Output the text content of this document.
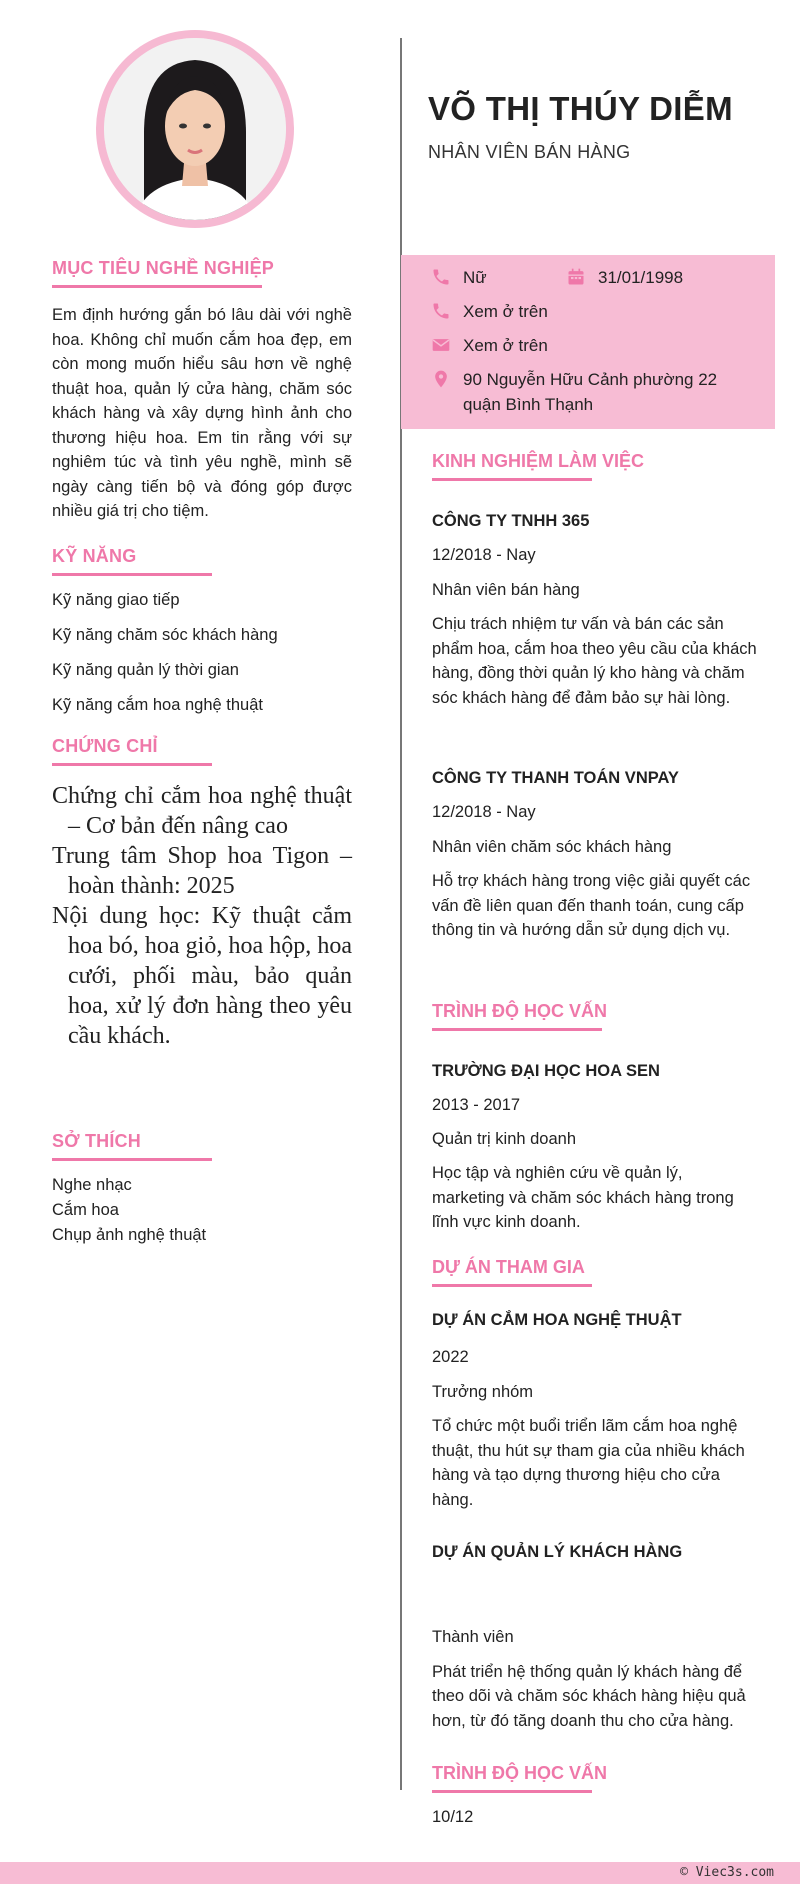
MỤC TIÊU NGHỀ NGHIỆP
Em định hướng gắn bó lâu dài với nghề hoa. Không chỉ muốn cắm hoa đẹp, em còn mong muốn hiểu sâu hơn về nghệ thuật hoa, quản lý cửa hàng, chăm sóc khách hàng và xây dựng hình ảnh cho thương hiệu hoa. Em tin rằng với sự nghiêm túc và tình yêu nghề, mình sẽ ngày càng tiến bộ và đóng góp được nhiều giá trị cho tiệm.
KỸ NĂNG
Kỹ năng giao tiếp
Kỹ năng chăm sóc khách hàng
Kỹ năng quản lý thời gian
Kỹ năng cắm hoa nghệ thuật
CHỨNG CHỈ
Chứng chỉ cắm hoa nghệ thuật – Cơ bản đến nâng cao
Trung tâm Shop hoa Tigon – hoàn thành: 2025
Nội dung học: Kỹ thuật cắm hoa bó, hoa giỏ, hoa hộp, hoa cưới, phối màu, bảo quản hoa, xử lý đơn hàng theo yêu cầu khách.
SỞ THÍCH
Nghe nhạc
Cắm hoa
Chụp ảnh nghệ thuật
VÕ THỊ THÚY DIỄM
NHÂN VIÊN BÁN HÀNG
Nữ	31/01/1998
Xem ở trên
Xem ở trên
90 Nguyễn Hữu Cảnh phường 22 quận Bình Thạnh
KINH NGHIỆM LÀM VIỆC
CÔNG TY TNHH 365
12/2018 - Nay
Nhân viên bán hàng
Chịu trách nhiệm tư vấn và bán các sản phẩm hoa, cắm hoa theo yêu cầu của khách hàng, đồng thời quản lý kho hàng và chăm sóc khách hàng để đảm bảo sự hài lòng.
CÔNG TY THANH TOÁN VNPAY
12/2018 - Nay
Nhân viên chăm sóc khách hàng
Hỗ trợ khách hàng trong việc giải quyết các vấn đề liên quan đến thanh toán, cung cấp thông tin và hướng dẫn sử dụng dịch vụ.
TRÌNH ĐỘ HỌC VẤN
TRƯỜNG ĐẠI HỌC HOA SEN
2013 - 2017
Quản trị kinh doanh
Học tập và nghiên cứu về quản lý, marketing và chăm sóc khách hàng trong lĩnh vực kinh doanh.
DỰ ÁN THAM GIA
DỰ ÁN CẮM HOA NGHỆ THUẬT
2022
Trưởng nhóm
Tổ chức một buổi triển lãm cắm hoa nghệ thuật, thu hút sự tham gia của nhiều khách hàng và tạo dựng thương hiệu cho cửa hàng.
DỰ ÁN QUẢN LÝ KHÁCH HÀNG
Thành viên
Phát triển hệ thống quản lý khách hàng để theo dõi và chăm sóc khách hàng hiệu quả hơn, từ đó tăng doanh thu cho cửa hàng.
TRÌNH ĐỘ HỌC VẤN
10/12
© Viec3s.com
